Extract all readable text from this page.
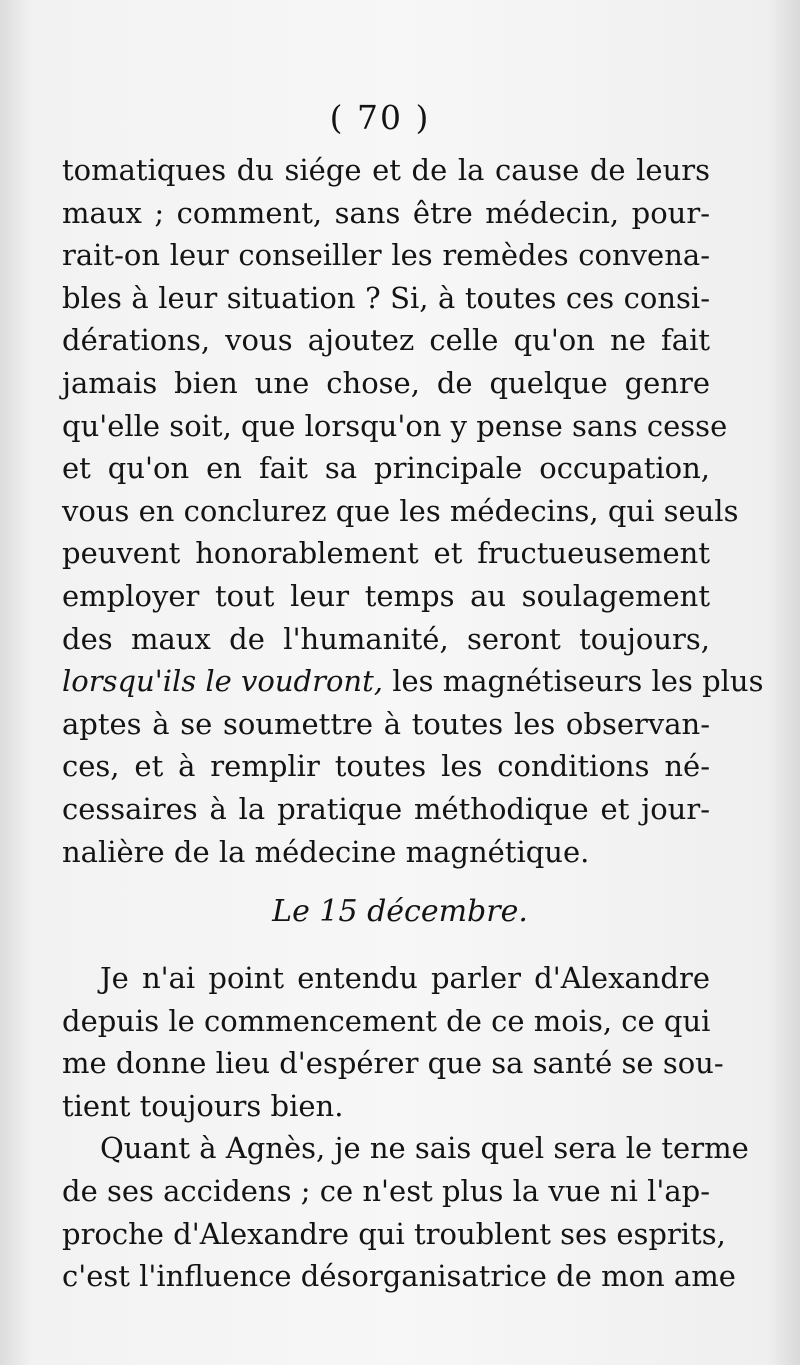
( 70 )
tomatiques du siége et de la cause de leurs
maux ; comment, sans être médecin, pour-
rait-on leur conseiller les remèdes convena-
bles à leur situation ? Si, à toutes ces consi-
dérations, vous ajoutez celle qu'on ne fait
jamais bien une chose, de quelque genre
qu'elle soit, que lorsqu'on y pense sans cesse
et qu'on en fait sa principale occupation,
vous en conclurez que les médecins, qui seuls
peuvent honorablement et fructueusement
employer tout leur temps au soulagement
des maux de l'humanité, seront toujours,
lorsqu'ils le voudront, les magnétiseurs les plus
aptes à se soumettre à toutes les observan-
ces, et à remplir toutes les conditions né-
cessaires à la pratique méthodique et jour-
nalière de la médecine magnétique.
Le 15 décembre.
Je n'ai point entendu parler d'Alexandre
depuis le commencement de ce mois, ce qui
me donne lieu d'espérer que sa santé se sou-
tient toujours bien.
Quant à Agnès, je ne sais quel sera le terme
de ses accidens ; ce n'est plus la vue ni l'ap-
proche d'Alexandre qui troublent ses esprits,
c'est l'influence désorganisatrice de mon ame
